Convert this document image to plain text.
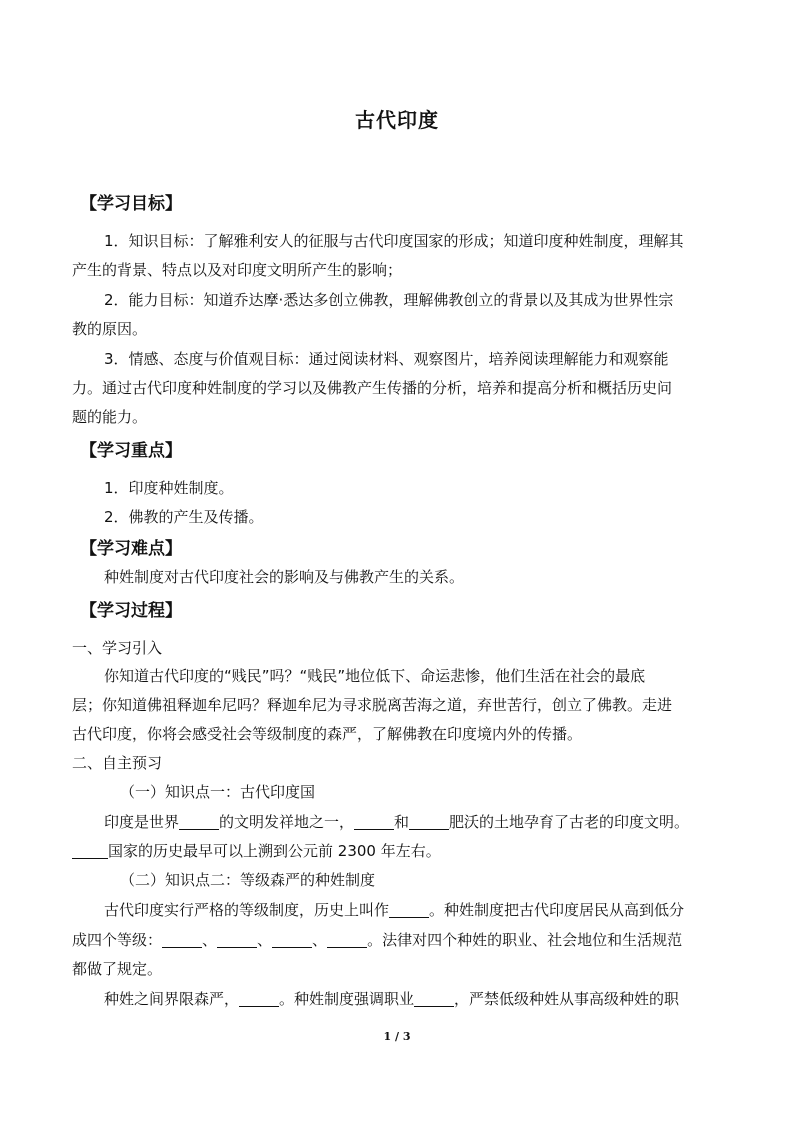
古代印度
【学习目标】
1．知识目标：了解雅利安人的征服与古代印度国家的形成；知道印度种姓制度，理解其
产生的背景、特点以及对印度文明所产生的影响；
2．能力目标：知道乔达摩·悉达多创立佛教，理解佛教创立的背景以及其成为世界性宗
教的原因。
3．情感、态度与价值观目标：通过阅读材料、观察图片，培养阅读理解能力和观察能
力。通过古代印度种姓制度的学习以及佛教产生传播的分析，培养和提高分析和概括历史问
题的能力。
【学习重点】
1．印度种姓制度。
2．佛教的产生及传播。
【学习难点】
种姓制度对古代印度社会的影响及与佛教产生的关系。
【学习过程】
一、学习引入
你知道古代印度的“贱民”吗？“贱民”地位低下、命运悲惨，他们生活在社会的最底
层；你知道佛祖释迦牟尼吗？释迦牟尼为寻求脱离苦海之道，弃世苦行，创立了佛教。走进
古代印度，你将会感受社会等级制度的森严，了解佛教在印度境内外的传播。
二、自主预习
（一）知识点一：古代印度国
印度是世界	的文明发祥地之一，	和	肥沃的土地孕育了古老的印度文明。
国家的历史最早可以上溯到公元前 2300 年左右。
（二）知识点二：等级森严的种姓制度
古代印度实行严格的等级制度，历史上叫作	。种姓制度把古代印度居民从高到低分
成四个等级：	、	、	、	。法律对四个种姓的职业、社会地位和生活规范
都做了规定。
种姓之间界限森严，	。种姓制度强调职业	，严禁低级种姓从事高级种姓的职
1 / 3
